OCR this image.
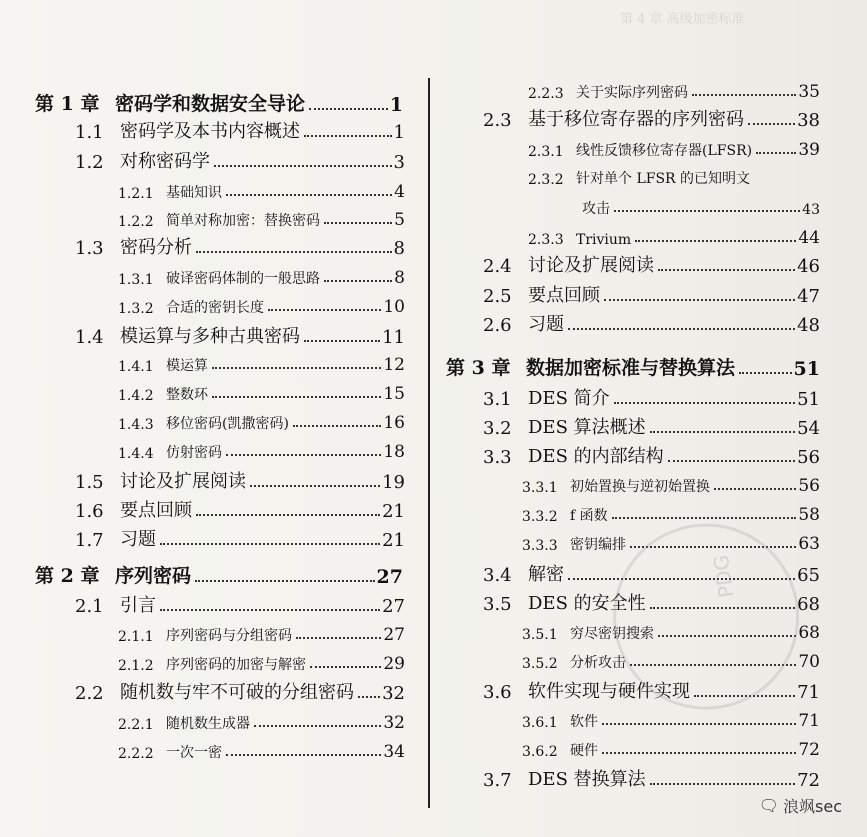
第 4 章 高级加密标准
第 1 章 密码学和数据安全导论	1
1.1 密码学及本书内容概述	1
1.2 对称密码学	3
1.2.1 基础知识	4
1.2.2 简单对称加密：替换密码	5
1.3 密码分析	8
1.3.1 破译密码体制的一般思路	8
1.3.2 合适的密钥长度	10
1.4 模运算与多种古典密码	11
1.4.1 模运算	12
1.4.2 整数环	15
1.4.3 移位密码(凯撒密码)	16
1.4.4 仿射密码	18
1.5 讨论及扩展阅读	19
1.6 要点回顾	21
1.7 习题	21
第 2 章 序列密码	27
2.1 引言	27
2.1.1 序列密码与分组密码	27
2.1.2 序列密码的加密与解密	29
2.2 随机数与牢不可破的分组密码 32
2.2.1 随机数生成器	32
2.2.2 一次一密	34
2.2.3 关于实际序列密码	35
2.3 基于移位寄存器的序列密码	38
2.3.1 线性反馈移位寄存器(LFSR)	39
2.3.2 针对单个 LFSR 的已知明文
攻击	43
2.3.3 Trivium	44
2.4 讨论及扩展阅读	46
2.5 要点回顾	47
2.6 习题	48
第 3 章 数据加密标准与替换算法	51
3.1 DES 简介	51
3.2 DES 算法概述	54
3.3 DES 的内部结构	56
3.3.1 初始置换与逆初始置换	56
3.3.2 f 函数	58
3.3.3 密钥编排	63
3.4 解密	65
3.5 DES 的安全性	68
3.5.1 穷尽密钥搜索	68
3.5.2 分析攻击	70
3.6 软件实现与硬件实现	71
3.6.1 软件	71
3.6.2 硬件	72
3.7 DES 替换算法	72
PDG
🗨︎ 浪飒sec
